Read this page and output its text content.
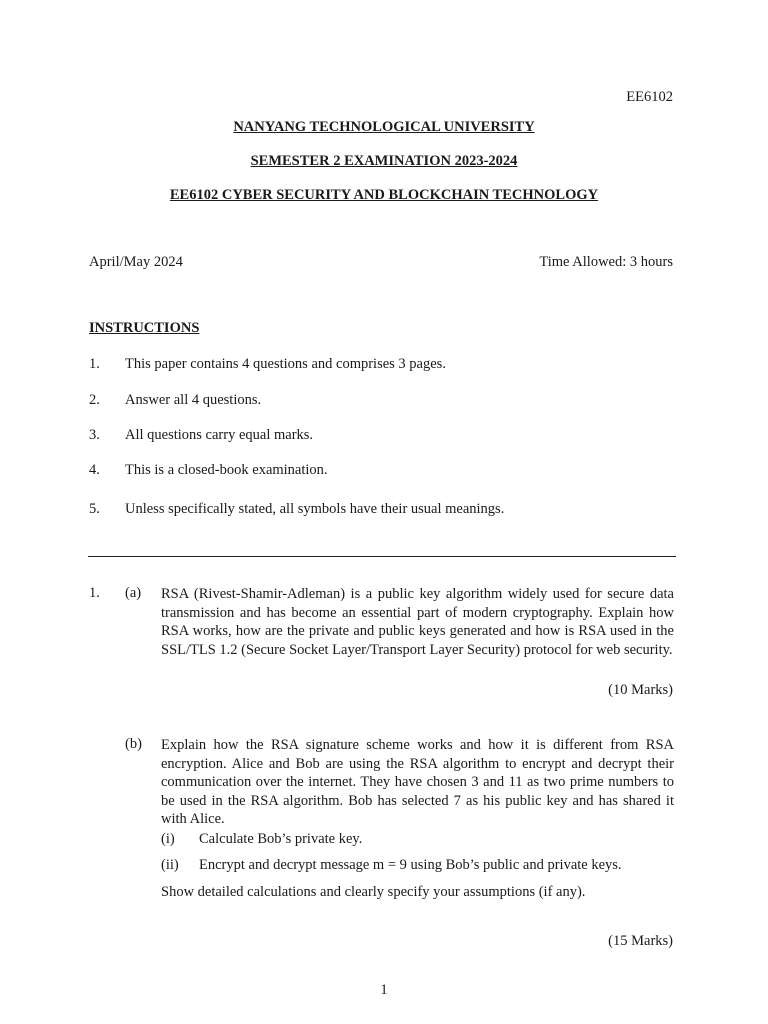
EE6102
NANYANG TECHNOLOGICAL UNIVERSITY
SEMESTER 2 EXAMINATION 2023-2024
EE6102 CYBER SECURITY AND BLOCKCHAIN TECHNOLOGY
April/May 2024	Time Allowed: 3 hours
INSTRUCTIONS
1. This paper contains 4 questions and comprises 3 pages.
2. Answer all 4 questions.
3. All questions carry equal marks.
4. This is a closed-book examination.
5. Unless specifically stated, all symbols have their usual meanings.
1. (a) RSA (Rivest-Shamir-Adleman) is a public key algorithm widely used for secure data transmission and has become an essential part of modern cryptography. Explain how RSA works, how are the private and public keys generated and how is RSA used in the SSL/TLS 1.2 (Secure Socket Layer/Transport Layer Security) protocol for web security.
(10 Marks)
(b) Explain how the RSA signature scheme works and how it is different from RSA encryption. Alice and Bob are using the RSA algorithm to encrypt and decrypt their communication over the internet. They have chosen 3 and 11 as two prime numbers to be used in the RSA algorithm. Bob has selected 7 as his public key and has shared it with Alice.
(i) Calculate Bob’s private key.
(ii) Encrypt and decrypt message m = 9 using Bob’s public and private keys.
Show detailed calculations and clearly specify your assumptions (if any).
(15 Marks)
1
